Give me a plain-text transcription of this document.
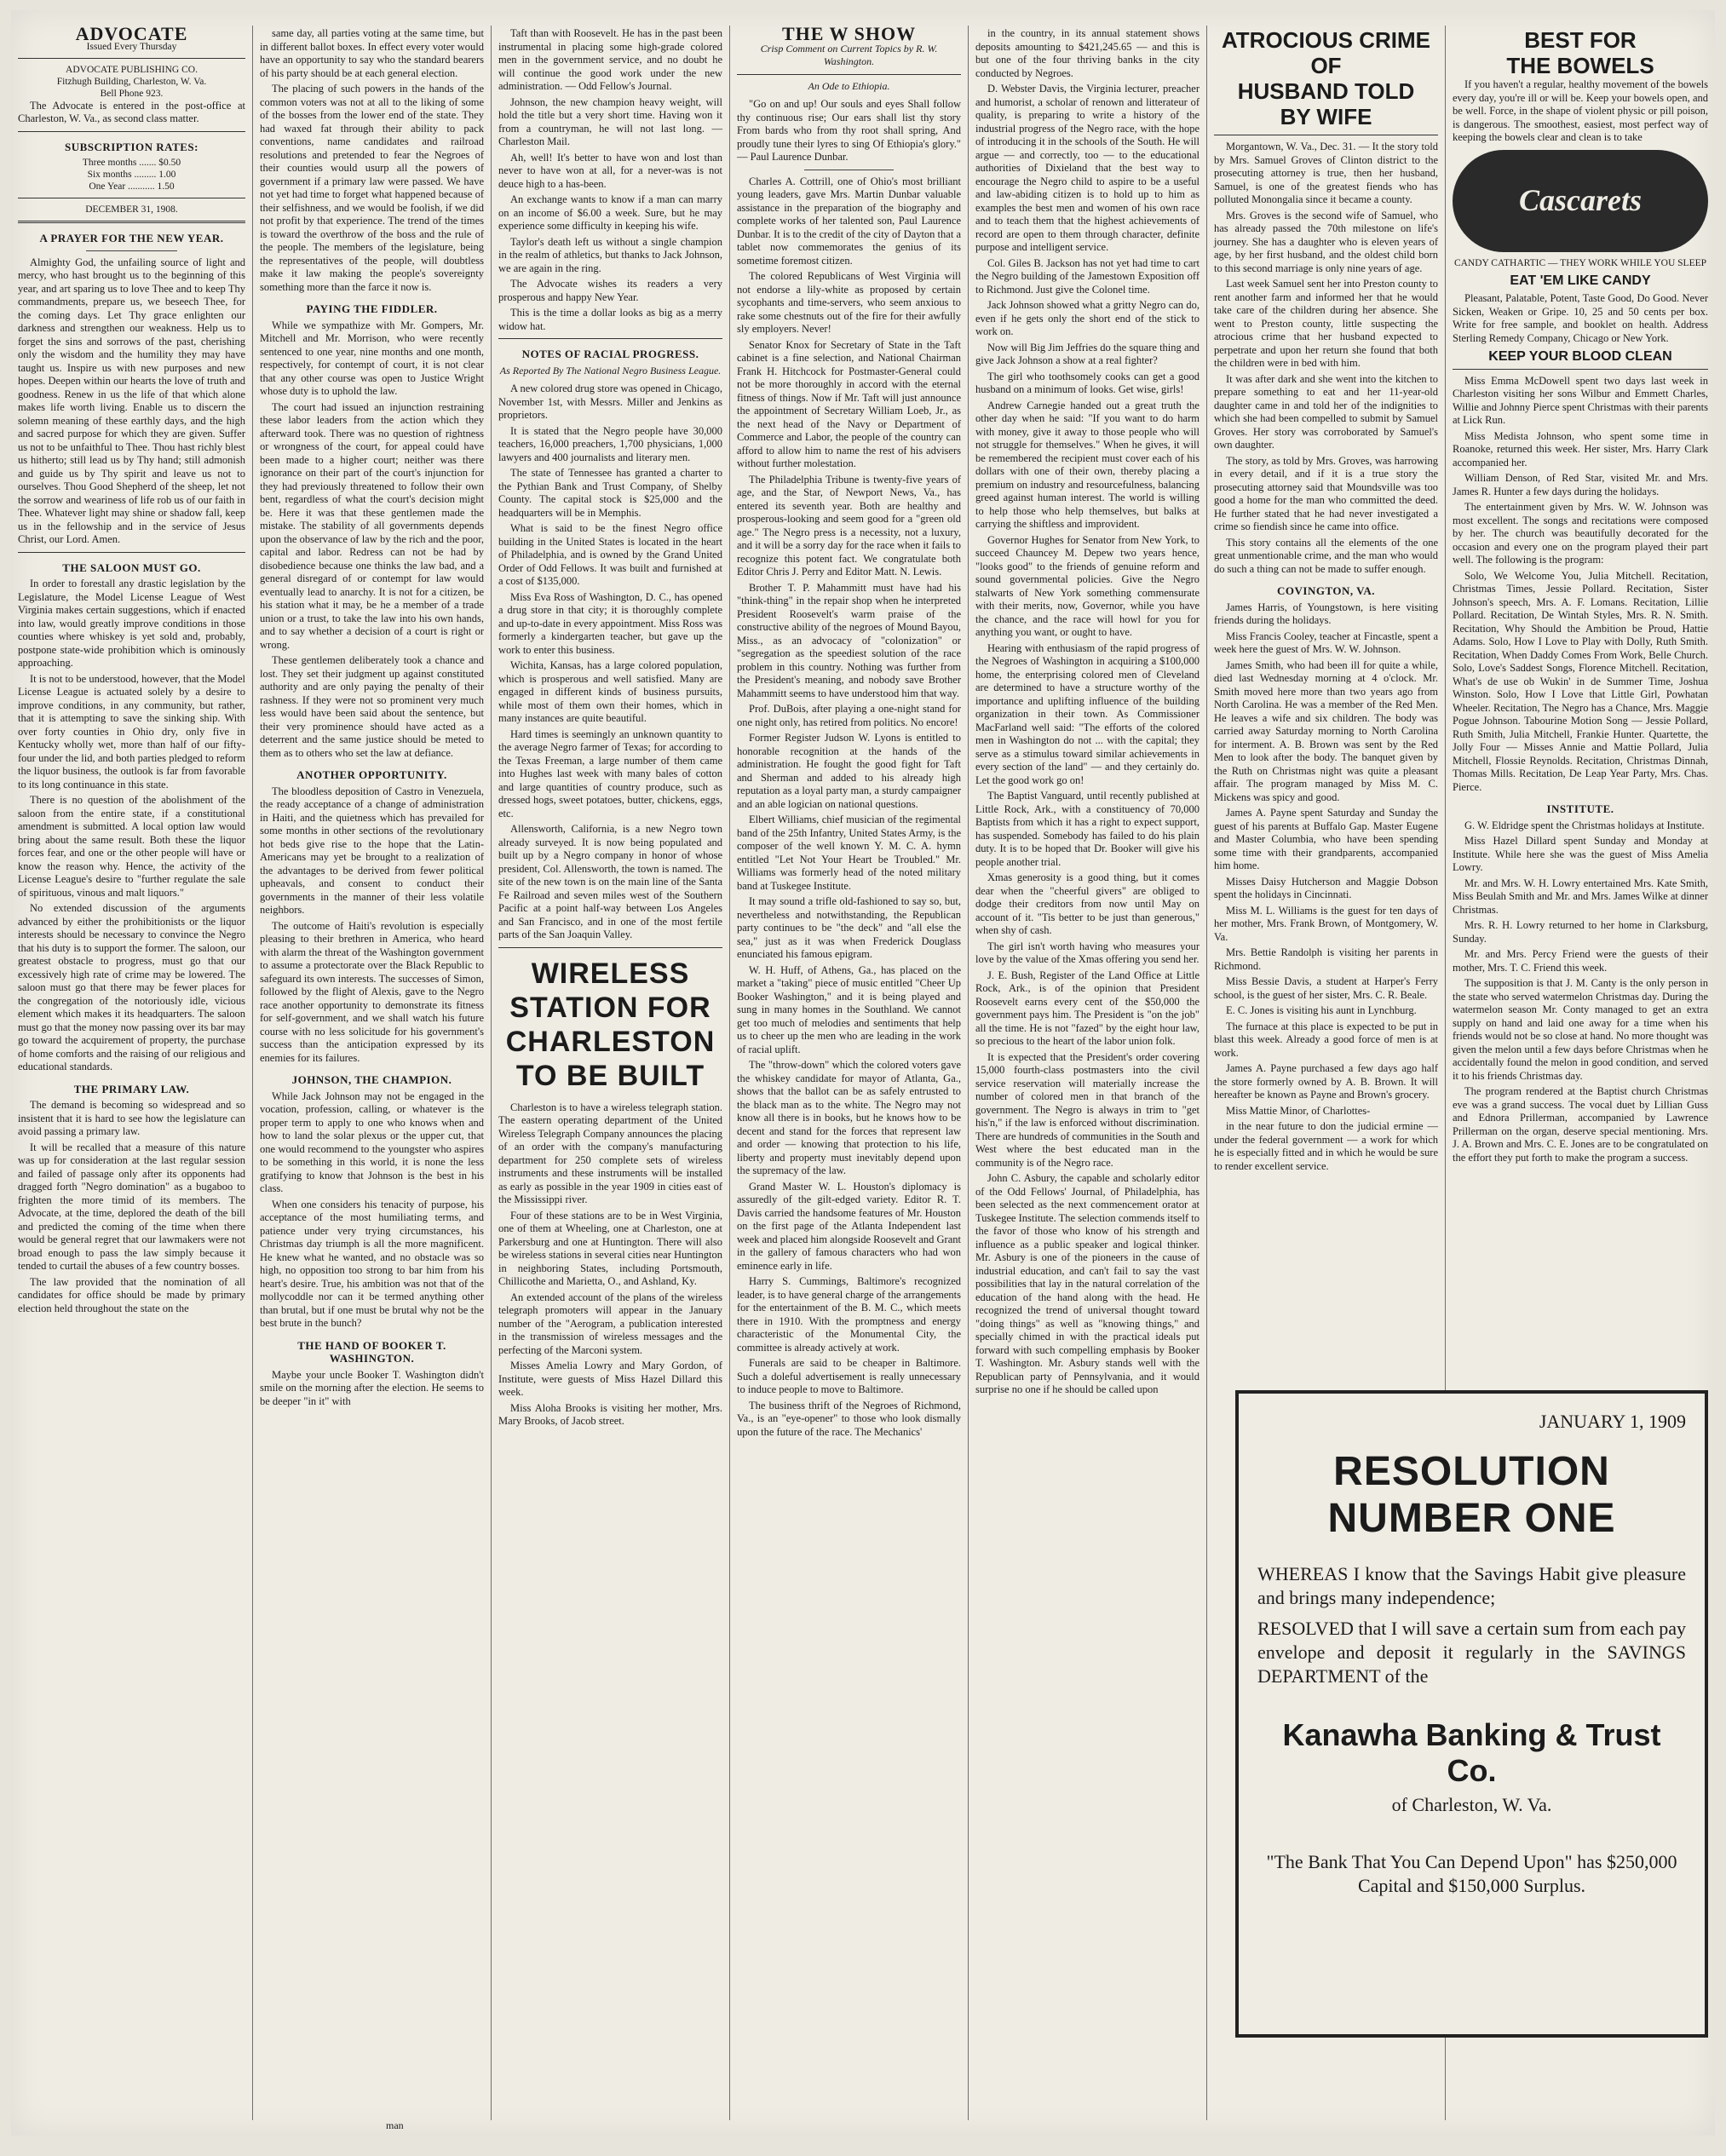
ADVOCATE
Issued Every Thursday
ADVOCATE PUBLISHING CO.
Fitzhugh Building, Charleston, W. Va.
Bell Phone 923.

The Advocate is entered in the post-office at Charleston, W. Va., as second class matter.

SUBSCRIPTION RATES:
Three months ....... $0.50
Six months ......... 1.00
One Year ........... 1.50
DECEMBER 31, 1908.
A PRAYER FOR THE NEW YEAR.

Almighty God, the unfailing source of light and mercy, who hast brought us to the beginning of this year, and art sparing us to love Thee and to keep Thy commandments, prepare us, we beseech Thee, for the coming days. Let Thy grace enlighten our darkness and strengthen our weakness. Help us to forget the sins and sorrows of the past, cherishing only the wisdom and the humility they may have taught us. Inspire us with new purposes and new hopes. Deepen within our hearts the love of truth and goodness. Renew in us the life of that which alone makes life worth living. Enable us to discern the solemn meaning of these earthly days, and the high and sacred purpose for which they are given. Suffer us not to be unfaithful to Thee. Thou hast richly blest us hitherto; still lead us by Thy hand; still admonish and guide us by Thy spirit and leave us not to ourselves. Thou Good Shepherd of the sheep, let not the sorrow and weariness of life rob us of our faith in Thee. Whatever light may shine or shadow fall, keep us in the fellowship and in the service of Jesus Christ, our Lord. Amen.

THE SALOON MUST GO.

In order to forestall any drastic legislation by the Legislature, the Model License League of West Virginia makes certain suggestions, which if enacted into law, would greatly improve conditions in those counties where whiskey is yet sold and, probably, postpone state-wide prohibition which is ominously approaching.

It is not to be understood, however, that the Model License League is actuated solely by a desire to improve conditions, in any community, but rather, that it is attempting to save the sinking ship. With over forty counties in Ohio dry, only five in Kentucky wholly wet, more than half of our fifty-four under the lid, and both parties pledged to reform the liquor business, the outlook is far from favorable to its long continuance in this state.

There is no question of the abolishment of the saloon from the entire state, if a constitutional amendment is submitted. A local option law would bring about the same result. Both these the liquor forces fear, and one or the other people will have or know the reason why. Hence, the activity of the License League's desire to "further regulate the sale of spirituous, vinous and malt liquors."

No extended discussion of the arguments advanced by either the prohibitionists or the liquor interests should be necessary to convince the Negro that his duty is to support the former. The saloon, our greatest obstacle to progress, must go that our excessively high rate of crime may be lowered. The saloon must go that there may be fewer places for the congregation of the notoriously idle, vicious element which makes it its headquarters. The saloon must go that the money now passing over its bar may go toward the acquirement of property, the purchase of home comforts and the raising of our religious and educational standards.

THE PRIMARY LAW.

The demand is becoming so widespread and so insistent that it is hard to see how the legislature can avoid passing a primary law.

It will be recalled that a measure of this nature was up for consideration at the last regular session and failed of passage only after its opponents had dragged forth "Negro domination" as a bugaboo to frighten the more timid of its members. The Advocate, at the time, deplored the death of the bill and predicted the coming of the time when there would be general regret that our lawmakers were not broad enough to pass the law simply because it tended to curtail the abuses of a few country bosses.

The law provided that the nomination of all candidates for office should be made by primary election held throughout the state on the

same day, all parties voting at the same time, but in different ballot boxes. In effect every voter would have an opportunity to say who the standard bearers of his party should be at each general election.

The placing of such powers in the hands of the common voters was not at all to the liking of some of the bosses from the lower end of the state. They had waxed fat through their ability to pack conventions, name candidates and railroad resolutions and pretended to fear the Negroes of their counties would usurp all the powers of government if a primary law were passed. We have not yet had time to forget what happened because of their selfishness, and we would be foolish, if we did not profit by that experience. The trend of the times is toward the overthrow of the boss and the rule of the people. The members of the legislature, being the representatives of the people, will doubtless make it law making the people's sovereignty something more than the farce it now is.

PAYING THE FIDDLER.

While we sympathize with Mr. Gompers, Mr. Mitchell and Mr. Morrison, who were recently sentenced to one year, nine months and one month, respectively, for contempt of court, it is not clear that any other course was open to Justice Wright whose duty is to uphold the law.

The court had issued an injunction restraining these labor leaders from the action which they afterward took. There was no question of rightness or wrongness of the court, for appeal could have been made to a higher court; neither was there ignorance on their part of the court's injunction for they had previously threatened to follow their own bent, regardless of what the court's decision might be. Here it was that these gentlemen made the mistake. The stability of all governments depends upon the observance of law by the rich and the poor, capital and labor. Redress can not be had by disobedience because one thinks the law bad, and a general disregard of or contempt for law would eventually lead to anarchy. It is not for a citizen, be his station what it may, be he a member of a trade union or a trust, to take the law into his own hands, and to say whether a decision of a court is right or wrong.

These gentlemen deliberately took a chance and lost. They set their judgment up against constituted authority and are only paying the penalty of their rashness. If they were not so prominent very much less would have been said about the sentence, but their very prominence should have acted as a deterrent and the same justice should be meted to them as to others who set the law at defiance.

ANOTHER OPPORTUNITY.

The bloodless deposition of Castro in Venezuela, the ready acceptance of a change of administration in Haiti, and the quietness which has prevailed for some months in other sections of the revolutionary hot beds give rise to the hope that the Latin-Americans may yet be brought to a realization of the advantages to be derived from fewer political upheavals, and consent to conduct their governments in the manner of their less volatile neighbors.

The outcome of Haiti's revolution is especially pleasing to their brethren in America, who heard with alarm the threat of the Washington government to assume a protectorate over the Black Republic to safeguard its own interests. The successes of Simon, followed by the flight of Alexis, gave to the Negro race another opportunity to demonstrate its fitness for self-government, and we shall watch his future course with no less solicitude for his government's success than the anticipation expressed by its enemies for its failures.

JOHNSON, THE CHAMPION.

While Jack Johnson may not be engaged in the vocation, profession, calling, or whatever is the proper term to apply to one who knows when and how to land the solar plexus or the upper cut, that one would recommend to the youngster who aspires to be something in this world, it is none the less gratifying to know that Johnson is the best in his class.

When one considers his tenacity of purpose, his acceptance of the most humiliating terms, and patience under very trying circumstances, his Christmas day triumph is all the more magnificent. He knew what he wanted, and no obstacle was so high, no opposition too strong to bar him from his heart's desire. True, his ambition was not that of the mollycoddle nor can it be termed anything other than brutal, but if one must be brutal why not be the best brute in the bunch?

THE HAND OF BOOKER T. WASHINGTON.

Maybe your uncle Booker T. Washington didn't smile on the morning after the election. He seems to be deeper "in it" with

Taft than with Roosevelt. He has in the past been instrumental in placing some high-grade colored men in the government service, and no doubt he will continue the good work under the new administration. — Odd Fellow's Journal.

Johnson, the new champion heavy weight, will hold the title but a very short time. Having won it from a countryman, he will not last long. — Charleston Mail.

Ah, well! It's better to have won and lost than never to have won at all, for a never-was is not deuce high to a has-been.

An exchange wants to know if a man can marry on an income of $6.00 a week. Sure, but he may experience some difficulty in keeping his wife.

Taylor's death left us without a single champion in the realm of athletics, but thanks to Jack Johnson, we are again in the ring.

The Advocate wishes its readers a very prosperous and happy New Year.

This is the time a dollar looks as big as a merry widow hat.

NOTES OF RACIAL PROGRESS.
As Reported By The National Negro Business League.

A new colored drug store was opened in Chicago, November 1st, with Messrs. Miller and Jenkins as proprietors.

It is stated that the Negro people have 30,000 teachers, 16,000 preachers, 1,700 physicians, 1,000 lawyers and 400 journalists and literary men.

The state of Tennessee has granted a charter to the Pythian Bank and Trust Company, of Shelby County. The capital stock is $25,000 and the headquarters will be in Memphis.

What is said to be the finest Negro office building in the United States is located in the heart of Philadelphia, and is owned by the Grand United Order of Odd Fellows. It was built and furnished at a cost of $135,000.

Miss Eva Ross of Washington, D. C., has opened a drug store in that city; it is thoroughly complete and up-to-date in every appointment. Miss Ross was formerly a kindergarten teacher, but gave up the work to enter this business.

Wichita, Kansas, has a large colored population, which is prosperous and well satisfied. Many are engaged in different kinds of business pursuits, while most of them own their homes, which in many instances are quite beautiful.

Hard times is seemingly an unknown quantity to the average Negro farmer of Texas; for according to the Texas Freeman, a large number of them came into Hughes last week with many bales of cotton and large quantities of country produce, such as dressed hogs, sweet potatoes, butter, chickens, eggs, etc.

Allensworth, California, is a new Negro town already surveyed. It is now being populated and built up by a Negro company in honor of whose president, Col. Allensworth, the town is named. The site of the new town is on the main line of the Santa Fe Railroad and seven miles west of the Southern Pacific at a point half-way between Los Angeles and San Francisco, and in one of the most fertile parts of the San Joaquin Valley.

WIRELESS STATION FOR CHARLESTON TO BE BUILT

Charleston is to have a wireless telegraph station. The eastern operating department of the United Wireless Telegraph Company announces the placing of an order with the company's manufacturing department for 250 complete sets of wireless instruments and these instruments will be installed as early as possible in the year 1909 in cities east of the Mississippi river.

Four of these stations are to be in West Virginia, one of them at Wheeling, one at Charleston, one at Parkersburg and one at Huntington. There will also be wireless stations in several cities near Huntington in neighboring States, including Portsmouth, Chillicothe and Marietta, O., and Ashland, Ky.

An extended account of the plans of the wireless telegraph promoters will appear in the January number of the "Aerogram, a publication interested in the transmission of wireless messages and the perfecting of the Marconi system.

Misses Amelia Lowry and Mary Gordon, of Institute, were guests of Miss Hazel Dillard this week.

Miss Aloha Brooks is visiting her mother, Mrs. Mary Brooks, of Jacob street.

THE W SHOW
Crisp Comment on Current Topics by R. W. Washington.
An Ode to Ethiopia.

"Go on and up! Our souls and eyes Shall follow thy continuous rise; Our ears shall list thy story From bards who from thy root shall spring, And proudly tune their lyres to sing Of Ethiopia's glory." — Paul Laurence Dunbar.

Charles A. Cottrill, one of Ohio's most brilliant young leaders, gave Mrs. Martin Dunbar valuable assistance in the preparation of the biography and complete works of her talented son, Paul Laurence Dunbar. It is to the credit of the city of Dayton that a tablet now commemorates the genius of its sometime foremost citizen.

The colored Republicans of West Virginia will not endorse a lily-white as proposed by certain sycophants and time-servers, who seem anxious to rake some chestnuts out of the fire for their awfully sly employers. Never!

Senator Knox for Secretary of State in the Taft cabinet is a fine selection, and National Chairman Frank H. Hitchcock for Postmaster-General could not be more thoroughly in accord with the eternal fitness of things. Now if Mr. Taft will just announce the appointment of Secretary William Loeb, Jr., as the next head of the Navy or Department of Commerce and Labor, the people of the country can afford to allow him to name the rest of his advisers without further molestation.

The Philadelphia Tribune is twenty-five years of age, and the Star, of Newport News, Va., has entered its seventh year. Both are healthy and prosperous-looking and seem good for a "green old age." The Negro press is a necessity, not a luxury, and it will be a sorry day for the race when it fails to recognize this potent fact. We congratulate both Editor Chris J. Perry and Editor Matt. N. Lewis.

Brother T. P. Mahammitt must have had his "think-thing" in the repair shop when he interpreted President Roosevelt's warm praise of the constructive ability of the negroes of Mound Bayou, Miss., as an advocacy of "colonization" or "segregation as the speediest solution of the race problem in this country. Nothing was further from the President's meaning, and nobody save Brother Mahammitt seems to have understood him that way.

Prof. DuBois, after playing a one-night stand for one night only, has retired from politics. No encore!

Former Register Judson W. Lyons is entitled to honorable recognition at the hands of the administration. He fought the good fight for Taft and Sherman and added to his already high reputation as a loyal party man, a sturdy campaigner and an able logician on national questions.

Elbert Williams, chief musician of the regimental band of the 25th Infantry, United States Army, is the composer of the well known Y. M. C. A. hymn entitled "Let Not Your Heart be Troubled." Mr. Williams was formerly head of the noted military band at Tuskegee Institute.

It may sound a trifle old-fashioned to say so, but, nevertheless and notwithstanding, the Republican party continues to be "the deck" and "all else the sea," just as it was when Frederick Douglass enunciated his famous epigram.

W. H. Huff, of Athens, Ga., has placed on the market a "taking" piece of music entitled "Cheer Up Booker Washington," and it is being played and sung in many homes in the Southland. We cannot get too much of melodies and sentiments that help us to cheer up the men who are leading in the work of racial uplift.

The "throw-down" which the colored voters gave the whiskey candidate for mayor of Atlanta, Ga., shows that the ballot can be as safely entrusted to the black man as to the white. The Negro may not know all there is in books, but he knows how to be decent and stand for the forces that represent law and order — knowing that protection to his life, liberty and property must inevitably depend upon the supremacy of the law.

Grand Master W. L. Houston's diplomacy is assuredly of the gilt-edged variety. Editor R. T. Davis carried the handsome features of Mr. Houston on the first page of the Atlanta Independent last week and placed him alongside Roosevelt and Grant in the gallery of famous characters who had won eminence early in life.

Harry S. Cummings, Baltimore's recognized leader, is to have general charge of the arrangements for the entertainment of the B. M. C., which meets there in 1910. With the promptness and energy characteristic of the Monumental City, the committee is already actively at work.

Funerals are said to be cheaper in Baltimore. Such a doleful advertisement is really unnecessary to induce people to move to Baltimore.

The business thrift of the Negroes of Richmond, Va., is an "eye-opener" to those who look dismally upon the future of the race. The Mechanics'

in the country, in its annual statement shows deposits amounting to $421,245.65 — and this is but one of the four thriving banks in the city conducted by Negroes.

D. Webster Davis, the Virginia lecturer, preacher and humorist, a scholar of renown and litterateur of quality, is preparing to write a history of the industrial progress of the Negro race, with the hope of introducing it in the schools of the South. He will argue — and correctly, too — to the educational authorities of Dixieland that the best way to encourage the Negro child to aspire to be a useful and law-abiding citizen is to hold up to him as examples the best men and women of his own race and to teach them that the highest achievements of record are open to them through character, definite purpose and intelligent service.

Col. Giles B. Jackson has not yet had time to cart the Negro building of the Jamestown Exposition off to Richmond. Just give the Colonel time.

Jack Johnson showed what a gritty Negro can do, even if he gets only the short end of the stick to work on.

Now will Big Jim Jeffries do the square thing and give Jack Johnson a show at a real fighter?

The girl who toothsomely cooks can get a good husband on a minimum of looks. Get wise, girls!

Andrew Carnegie handed out a great truth the other day when he said: "If you want to do harm with money, give it away to those people who will not struggle for themselves." When he gives, it will be remembered the recipient must cover each of his dollars with one of their own, thereby placing a premium on industry and resourcefulness, balancing greed against human interest. The world is willing to help those who help themselves, but balks at carrying the shiftless and improvident.

Governor Hughes for Senator from New York, to succeed Chauncey M. Depew two years hence, "looks good" to the friends of genuine reform and sound governmental policies. Give the Negro stalwarts of New York something commensurate with their merits, now, Governor, while you have the chance, and the race will howl for you for anything you want, or ought to have.

Hearing with enthusiasm of the rapid progress of the Negroes of Washington in acquiring a $100,000 home, the enterprising colored men of Cleveland are determined to have a structure worthy of the importance and uplifting influence of the building organization in their town. As Commissioner MacFarland well said: "The efforts of the colored men in Washington do not ... with the capital; they serve as a stimulus toward similar achievements in every section of the land" — and they certainly do. Let the good work go on!

The Baptist Vanguard, until recently published at Little Rock, Ark., with a constituency of 70,000 Baptists from which it has a right to expect support, has suspended. Somebody has failed to do his plain duty. It is to be hoped that Dr. Booker will give his people another trial.

Xmas generosity is a good thing, but it comes dear when the "cheerful givers" are obliged to dodge their creditors from now until May on account of it. "Tis better to be just than generous," when shy of cash.

The girl isn't worth having who measures your love by the value of the Xmas offering you send her.

J. E. Bush, Register of the Land Office at Little Rock, Ark., is of the opinion that President Roosevelt earns every cent of the $50,000 the government pays him. The President is "on the job" all the time. He is not "fazed" by the eight hour law, so precious to the heart of the labor union folk.

It is expected that the President's order covering 15,000 fourth-class postmasters into the civil service reservation will materially increase the number of colored men in that branch of the government. The Negro is always in trim to "get his'n," if the law is enforced without discrimination. There are hundreds of communities in the South and West where the best educated man in the community is of the Negro race.

John C. Asbury, the capable and scholarly editor of the Odd Fellows' Journal, of Philadelphia, has been selected as the next commencement orator at Tuskegee Institute. The selection commends itself to the favor of those who know of his strength and influence as a public speaker and logical thinker. Mr. Asbury is one of the pioneers in the cause of industrial education, and can't fail to say the vast possibilities that lay in the natural correlation of the education of the hand along with the head. He recognized the trend of universal thought toward "doing things" as well as "knowing things," and specially chimed in with the practical ideals put forward with such compelling emphasis by Booker T. Washington. Mr. Asbury stands well with the Republican party of Pennsylvania, and it would surprise no one if he should be called upon

ATROCIOUS CRIME OF
HUSBAND TOLD
BY WIFE

Morgantown, W. Va., Dec. 31. — It the story told by Mrs. Samuel Groves of Clinton district to the prosecuting attorney is true, then her husband, Samuel, is one of the greatest fiends who has polluted Monongalia since it became a county.

Mrs. Groves is the second wife of Samuel, who has already passed the 70th milestone on life's journey. She has a daughter who is eleven years of age, by her first husband, and the oldest child born to this second marriage is only nine years of age.

Last week Samuel sent her into Preston county to rent another farm and informed her that he would take care of the children during her absence. She went to Preston county, little suspecting the atrocious crime that her husband expected to perpetrate and upon her return she found that both the children were in bed with him.

It was after dark and she went into the kitchen to prepare something to eat and her 11-year-old daughter came in and told her of the indignities to which she had been compelled to submit by Samuel Groves. Her story was corroborated by Samuel's own daughter.

The story, as told by Mrs. Groves, was harrowing in every detail, and if it is a true story the prosecuting attorney said that Moundsville was too good a home for the man who committed the deed. He further stated that he had never investigated a crime so fiendish since he came into office.

This story contains all the elements of the one great unmentionable crime, and the man who would do such a thing can not be made to suffer enough.

COVINGTON, VA.

James Harris, of Youngstown, is here visiting friends during the holidays.

Miss Francis Cooley, teacher at Fincastle, spent a week here the guest of Mrs. W. W. Johnson.

James Smith, who had been ill for quite a while, died last Wednesday morning at 4 o'clock. Mr. Smith moved here more than two years ago from North Carolina. He was a member of the Red Men. He leaves a wife and six children. The body was carried away Saturday morning to North Carolina for interment. A. B. Brown was sent by the Red Men to look after the body. The banquet given by the Ruth on Christmas night was quite a pleasant affair. The program managed by Miss M. C. Mickens was spicy and good.

James A. Payne spent Saturday and Sunday the guest of his parents at Buffalo Gap. Master Eugene and Master Columbia, who have been spending some time with their grandparents, accompanied him home.

Misses Daisy Hutcherson and Maggie Dobson spent the holidays in Cincinnati.

Miss M. L. Williams is the guest for ten days of her mother, Mrs. Frank Brown, of Montgomery, W. Va.

Mrs. Bettie Randolph is visiting her parents in Richmond.

Miss Bessie Davis, a student at Harper's Ferry school, is the guest of her sister, Mrs. C. R. Beale.

E. C. Jones is visiting his aunt in Lynchburg.

The furnace at this place is expected to be put in blast this week. Already a good force of men is at work.

James A. Payne purchased a few days ago half the store formerly owned by A. B. Brown. It will hereafter be known as Payne and Brown's grocery.

Miss Mattie Minor, of Charlottes-

in the near future to don the judicial ermine — under the federal government — a work for which he is especially fitted and in which he would be sure to render excellent service.

BEST FOR
THE BOWELS

If you haven't a regular, healthy movement of the bowels every day, you're ill or will be. Keep your bowels open, and be well. Force, in the shape of violent physic or pill poison, is dangerous. The smoothest, easiest, most perfect way of keeping the bowels clear and clean is to take

Cascarets
CANDY CATHARTIC — THEY WORK WHILE YOU SLEEP
EAT 'EM LIKE CANDY

Pleasant, Palatable, Potent, Taste Good, Do Good. Never Sicken, Weaken or Gripe. 10, 25 and 50 cents per box. Write for free sample, and booklet on health. Address Sterling Remedy Company, Chicago or New York.

KEEP YOUR BLOOD CLEAN

Miss Emma McDowell spent two days last week in Charleston visiting her sons Wilbur and Emmett Charles, Willie and Johnny Pierce spent Christmas with their parents at Lick Run.

Miss Medista Johnson, who spent some time in Roanoke, returned this week. Her sister, Mrs. Harry Clark accompanied her.

William Denson, of Red Star, visited Mr. and Mrs. James R. Hunter a few days during the holidays.

The entertainment given by Mrs. W. W. Johnson was most excellent. The songs and recitations were composed by her. The church was beautifully decorated for the occasion and every one on the program played their part well. The following is the program:

Solo, We Welcome You, Julia Mitchell. Recitation, Christmas Times, Jessie Pollard. Recitation, Sister Johnson's speech, Mrs. A. F. Lomans. Recitation, Lillie Pollard. Recitation, De Wintah Styles, Mrs. R. N. Smith. Recitation, Why Should the Ambition be Proud, Hattie Adams. Solo, How I Love to Play with Dolly, Ruth Smith. Recitation, When Daddy Comes From Work, Belle Church. Solo, Love's Saddest Songs, Florence Mitchell. Recitation, What's de use ob Wukin' in de Summer Time, Joshua Winston. Solo, How I Love that Little Girl, Powhatan Wheeler. Recitation, The Negro has a Chance, Mrs. Maggie Pogue Johnson. Tabourine Motion Song — Jessie Pollard, Ruth Smith, Julia Mitchell, Frankie Hunter. Quartette, the Jolly Four — Misses Annie and Mattie Pollard, Julia Mitchell, Flossie Reynolds. Recitation, Christmas Dinnah, Thomas Mills. Recitation, De Leap Year Party, Mrs. Chas. Pierce.

INSTITUTE.

G. W. Eldridge spent the Christmas holidays at Institute.

Miss Hazel Dillard spent Sunday and Monday at Institute. While here she was the guest of Miss Amelia Lowry.

Mr. and Mrs. W. H. Lowry entertained Mrs. Kate Smith, Miss Beulah Smith and Mr. and Mrs. James Wilke at dinner Christmas.

Mrs. R. H. Lowry returned to her home in Clarksburg, Sunday.

Mr. and Mrs. Percy Friend were the guests of their mother, Mrs. T. C. Friend this week.

The supposition is that J. M. Canty is the only person in the state who served watermelon Christmas day. During the watermelon season Mr. Conty managed to get an extra supply on hand and laid one away for a time when his friends would not be so close at hand. No more thought was given the melon until a few days before Christmas when he accidentally found the melon in good condition, and served it to his friends Christmas day.

The program rendered at the Baptist church Christmas eve was a grand success. The vocal duet by Lillian Guss and Ednora Prillerman, accompanied by Lawrence Prillerman on the organ, deserve special mentioning. Mrs. J. A. Brown and Mrs. C. E. Jones are to be congratulated on the effort they put forth to make the program a success.

JANUARY 1, 1909
RESOLUTION NUMBER ONE

WHEREAS I know that the Savings Habit give pleasure and brings many independence;

RESOLVED that I will save a certain sum from each pay envelope and deposit it regularly in the SAVINGS DEPARTMENT of the

Kanawha Banking & Trust Co.
of Charleston, W. Va.
"The Bank That You Can Depend Upon" has $250,000 Capital and $150,000 Surplus.
man
